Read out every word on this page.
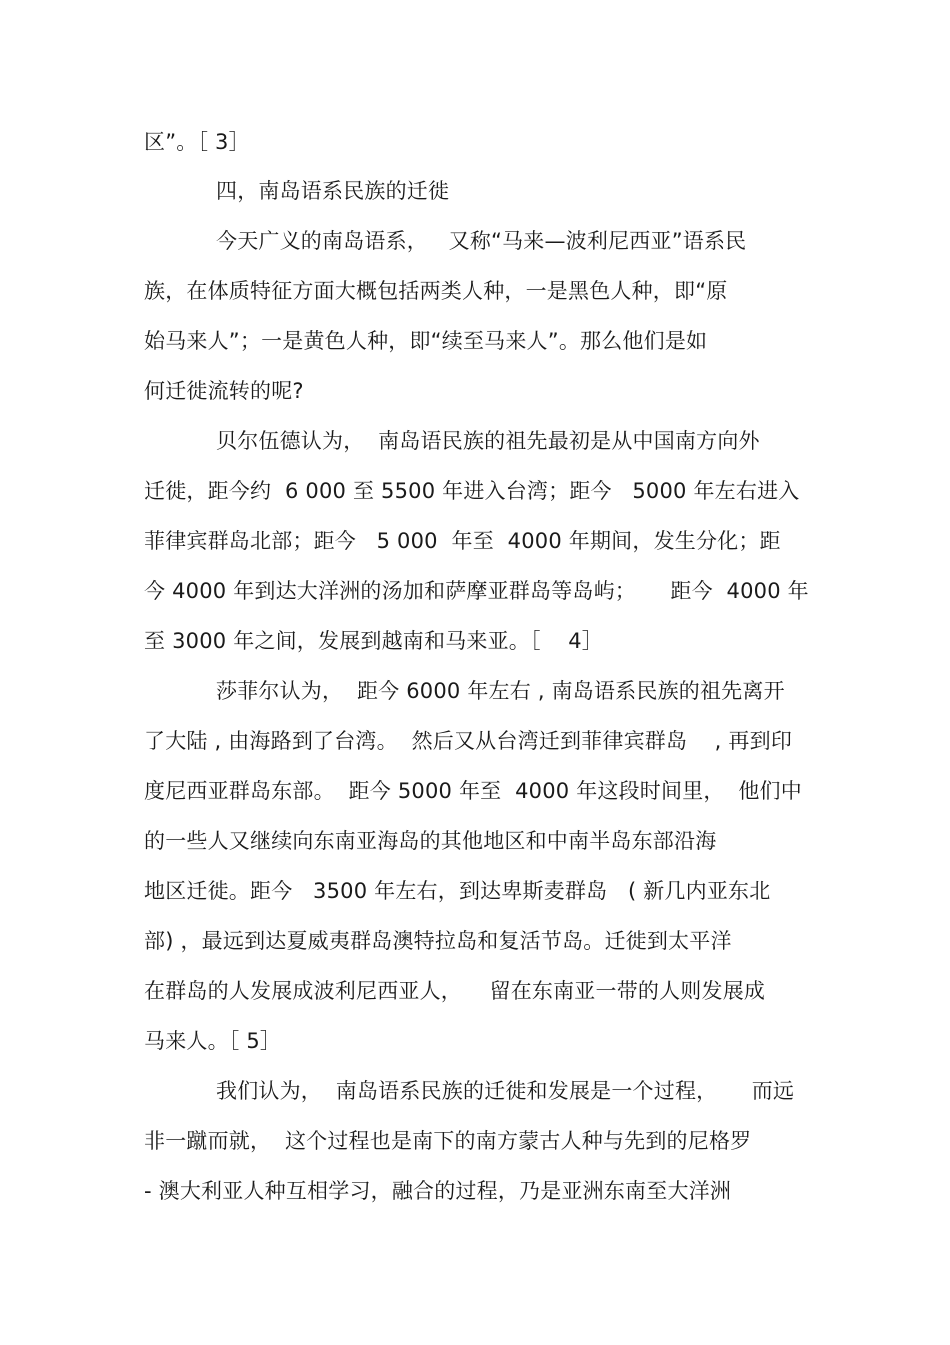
区”。［ 3］
四，南岛语系民族的迁徙
今天广义的南岛语系，   又称“马来—波利尼西亚”语系民
族，在体质特征方面大概包括两类人种，一是黑色人种，即“原
始马来人”；一是黄色人种，即“续至马来人”。那么他们是如
何迁徙流转的呢?
贝尔伍德认为，  南岛语民族的祖先最初是从中国南方向外
迁徙，距今约  6 000 至 5500 年进入台湾；距今   5000 年左右进入
菲律宾群岛北部；距今   5 000  年至  4000 年期间，发生分化；距
今 4000 年到达大洋洲的汤加和萨摩亚群岛等岛屿；     距今  4000 年
至 3000 年之间，发展到越南和马来亚。［    4］
莎菲尔认为，  距今 6000 年左右 , 南岛语系民族的祖先离开
了大陆 , 由海路到了台湾。  然后又从台湾迁到菲律宾群岛    , 再到印
度尼西亚群岛东部。  距今 5000 年至  4000 年这段时间里，  他们中
的一些人又继续向东南亚海岛的其他地区和中南半岛东部沿海
地区迁徙。距今   3500 年左右，到达卑斯麦群岛   ( 新几内亚东北
部) ，最远到达夏威夷群岛澳特拉岛和复活节岛。迁徙到太平洋
在群岛的人发展成波利尼西亚人，    留在东南亚一带的人则发展成
马来人。［ 5］
我们认为，  南岛语系民族的迁徙和发展是一个过程，     而远
非一蹴而就，  这个过程也是南下的南方蒙古人种与先到的尼格罗
- 澳大利亚人种互相学习，融合的过程，乃是亚洲东南至大洋洲
